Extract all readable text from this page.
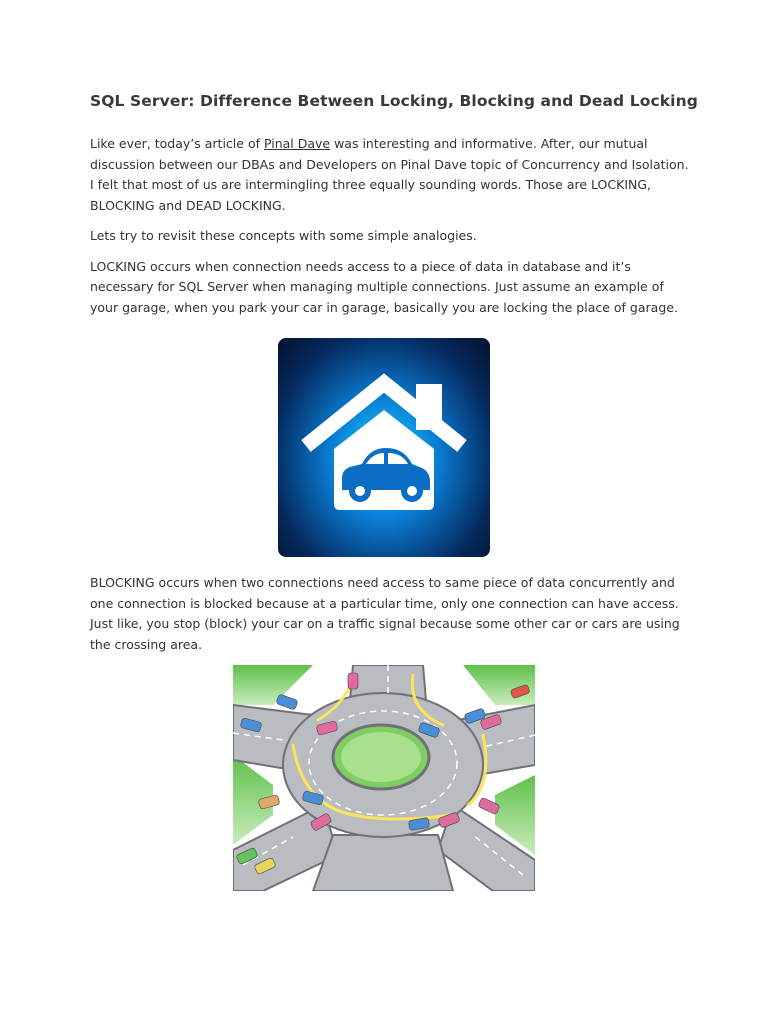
SQL Server: Difference Between Locking, Blocking and Dead Locking

Like ever, today’s article of Pinal Dave was interesting and informative. After, our mutual discussion between our DBAs and Developers on Pinal Dave topic of Concurrency and Isolation. I felt that most of us are intermingling three equally sounding words. Those are LOCKING, BLOCKING and DEAD LOCKING.

Lets try to revisit these concepts with some simple analogies.

LOCKING occurs when connection needs access to a piece of data in database and it’s necessary for SQL Server when managing multiple connections. Just assume an example of your garage, when you park your car in garage, basically you are locking the place of garage.

BLOCKING occurs when two connections need access to same piece of data concurrently and one connection is blocked because at a particular time, only one connection can have access. Just like, you stop (block) your car on a traffic signal because some other car or cars are using the crossing area.
